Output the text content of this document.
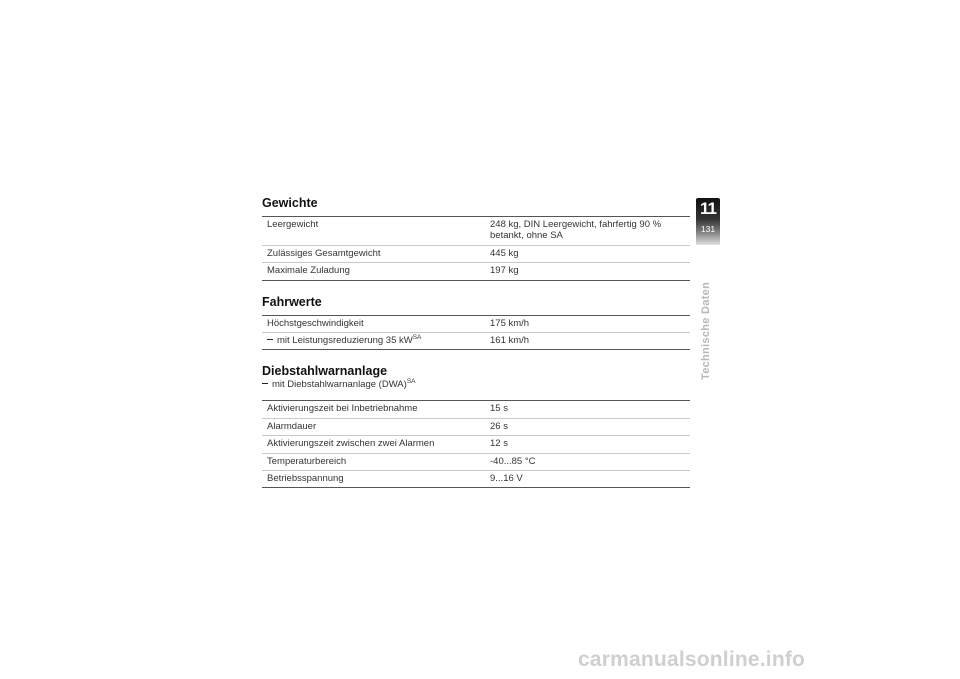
Gewichte
Leergewicht	248 kg, DIN Leergewicht, fahrfertig 90 % betankt, ohne SA
Zulässiges Gesamtgewicht	445 kg
Maximale Zuladung	197 kg
Fahrwerte
Höchstgeschwindigkeit	175 km/h
mit Leistungsreduzierung 35 $kW^{SA}$	161 km/h
Diebstahlwarnanlage
mit Diebstahlwarnanlage (DWA)$^{SA}$
Aktivierungszeit bei Inbetriebnahme	15 s
Alarmdauer	26 s
Aktivierungszeit zwischen zwei Alarmen	12 s
Temperaturbereich	-40...85 °C
Betriebsspannung	9...16 V
11
131
Technische Daten
carmanualsonline.info
